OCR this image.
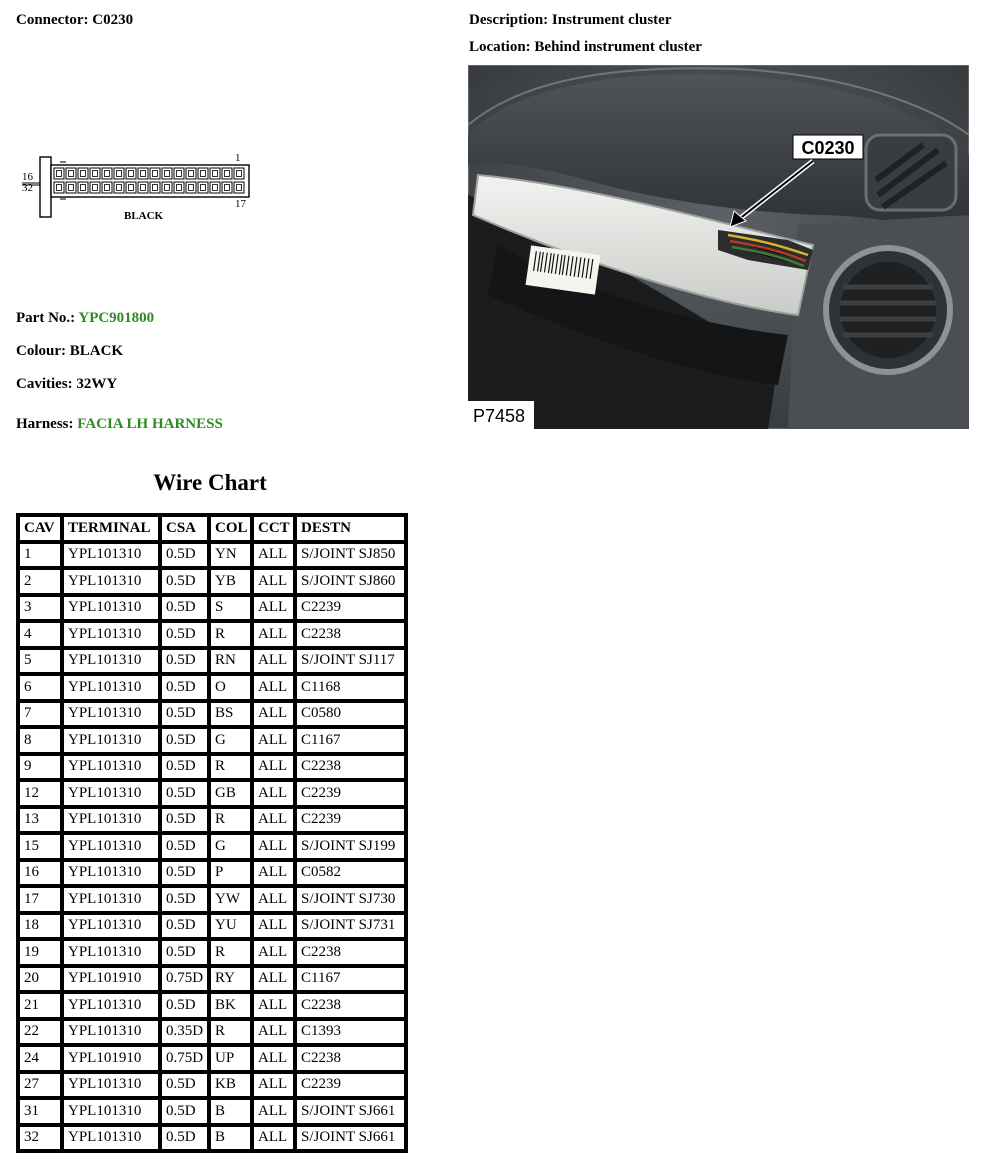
Connector: C0230	Description: Instrument cluster
Location: Behind instrument cluster
16
32
1
17
BLACK
Part No.: YPC901800
Colour: BLACK
Cavities: 32WY
Harness: FACIA LH HARNESS
C0230
P7458
Wire Chart
CAV	TERMINAL	CSA	COL	CCT	DESTN
1	YPL101310	0.5D	YN	ALL	S/JOINT SJ850
2	YPL101310	0.5D	YB	ALL	S/JOINT SJ860
3	YPL101310	0.5D	S	ALL	C2239
4	YPL101310	0.5D	R	ALL	C2238
5	YPL101310	0.5D	RN	ALL	S/JOINT SJ117
6	YPL101310	0.5D	O	ALL	C1168
7	YPL101310	0.5D	BS	ALL	C0580
8	YPL101310	0.5D	G	ALL	C1167
9	YPL101310	0.5D	R	ALL	C2238
12	YPL101310	0.5D	GB	ALL	C2239
13	YPL101310	0.5D	R	ALL	C2239
15	YPL101310	0.5D	G	ALL	S/JOINT SJ199
16	YPL101310	0.5D	P	ALL	C0582
17	YPL101310	0.5D	YW	ALL	S/JOINT SJ730
18	YPL101310	0.5D	YU	ALL	S/JOINT SJ731
19	YPL101310	0.5D	R	ALL	C2238
20	YPL101910	0.75D	RY	ALL	C1167
21	YPL101310	0.5D	BK	ALL	C2238
22	YPL101310	0.35D	R	ALL	C1393
24	YPL101910	0.75D	UP	ALL	C2238
27	YPL101310	0.5D	KB	ALL	C2239
31	YPL101310	0.5D	B	ALL	S/JOINT SJ661
32	YPL101310	0.5D	B	ALL	S/JOINT SJ661
